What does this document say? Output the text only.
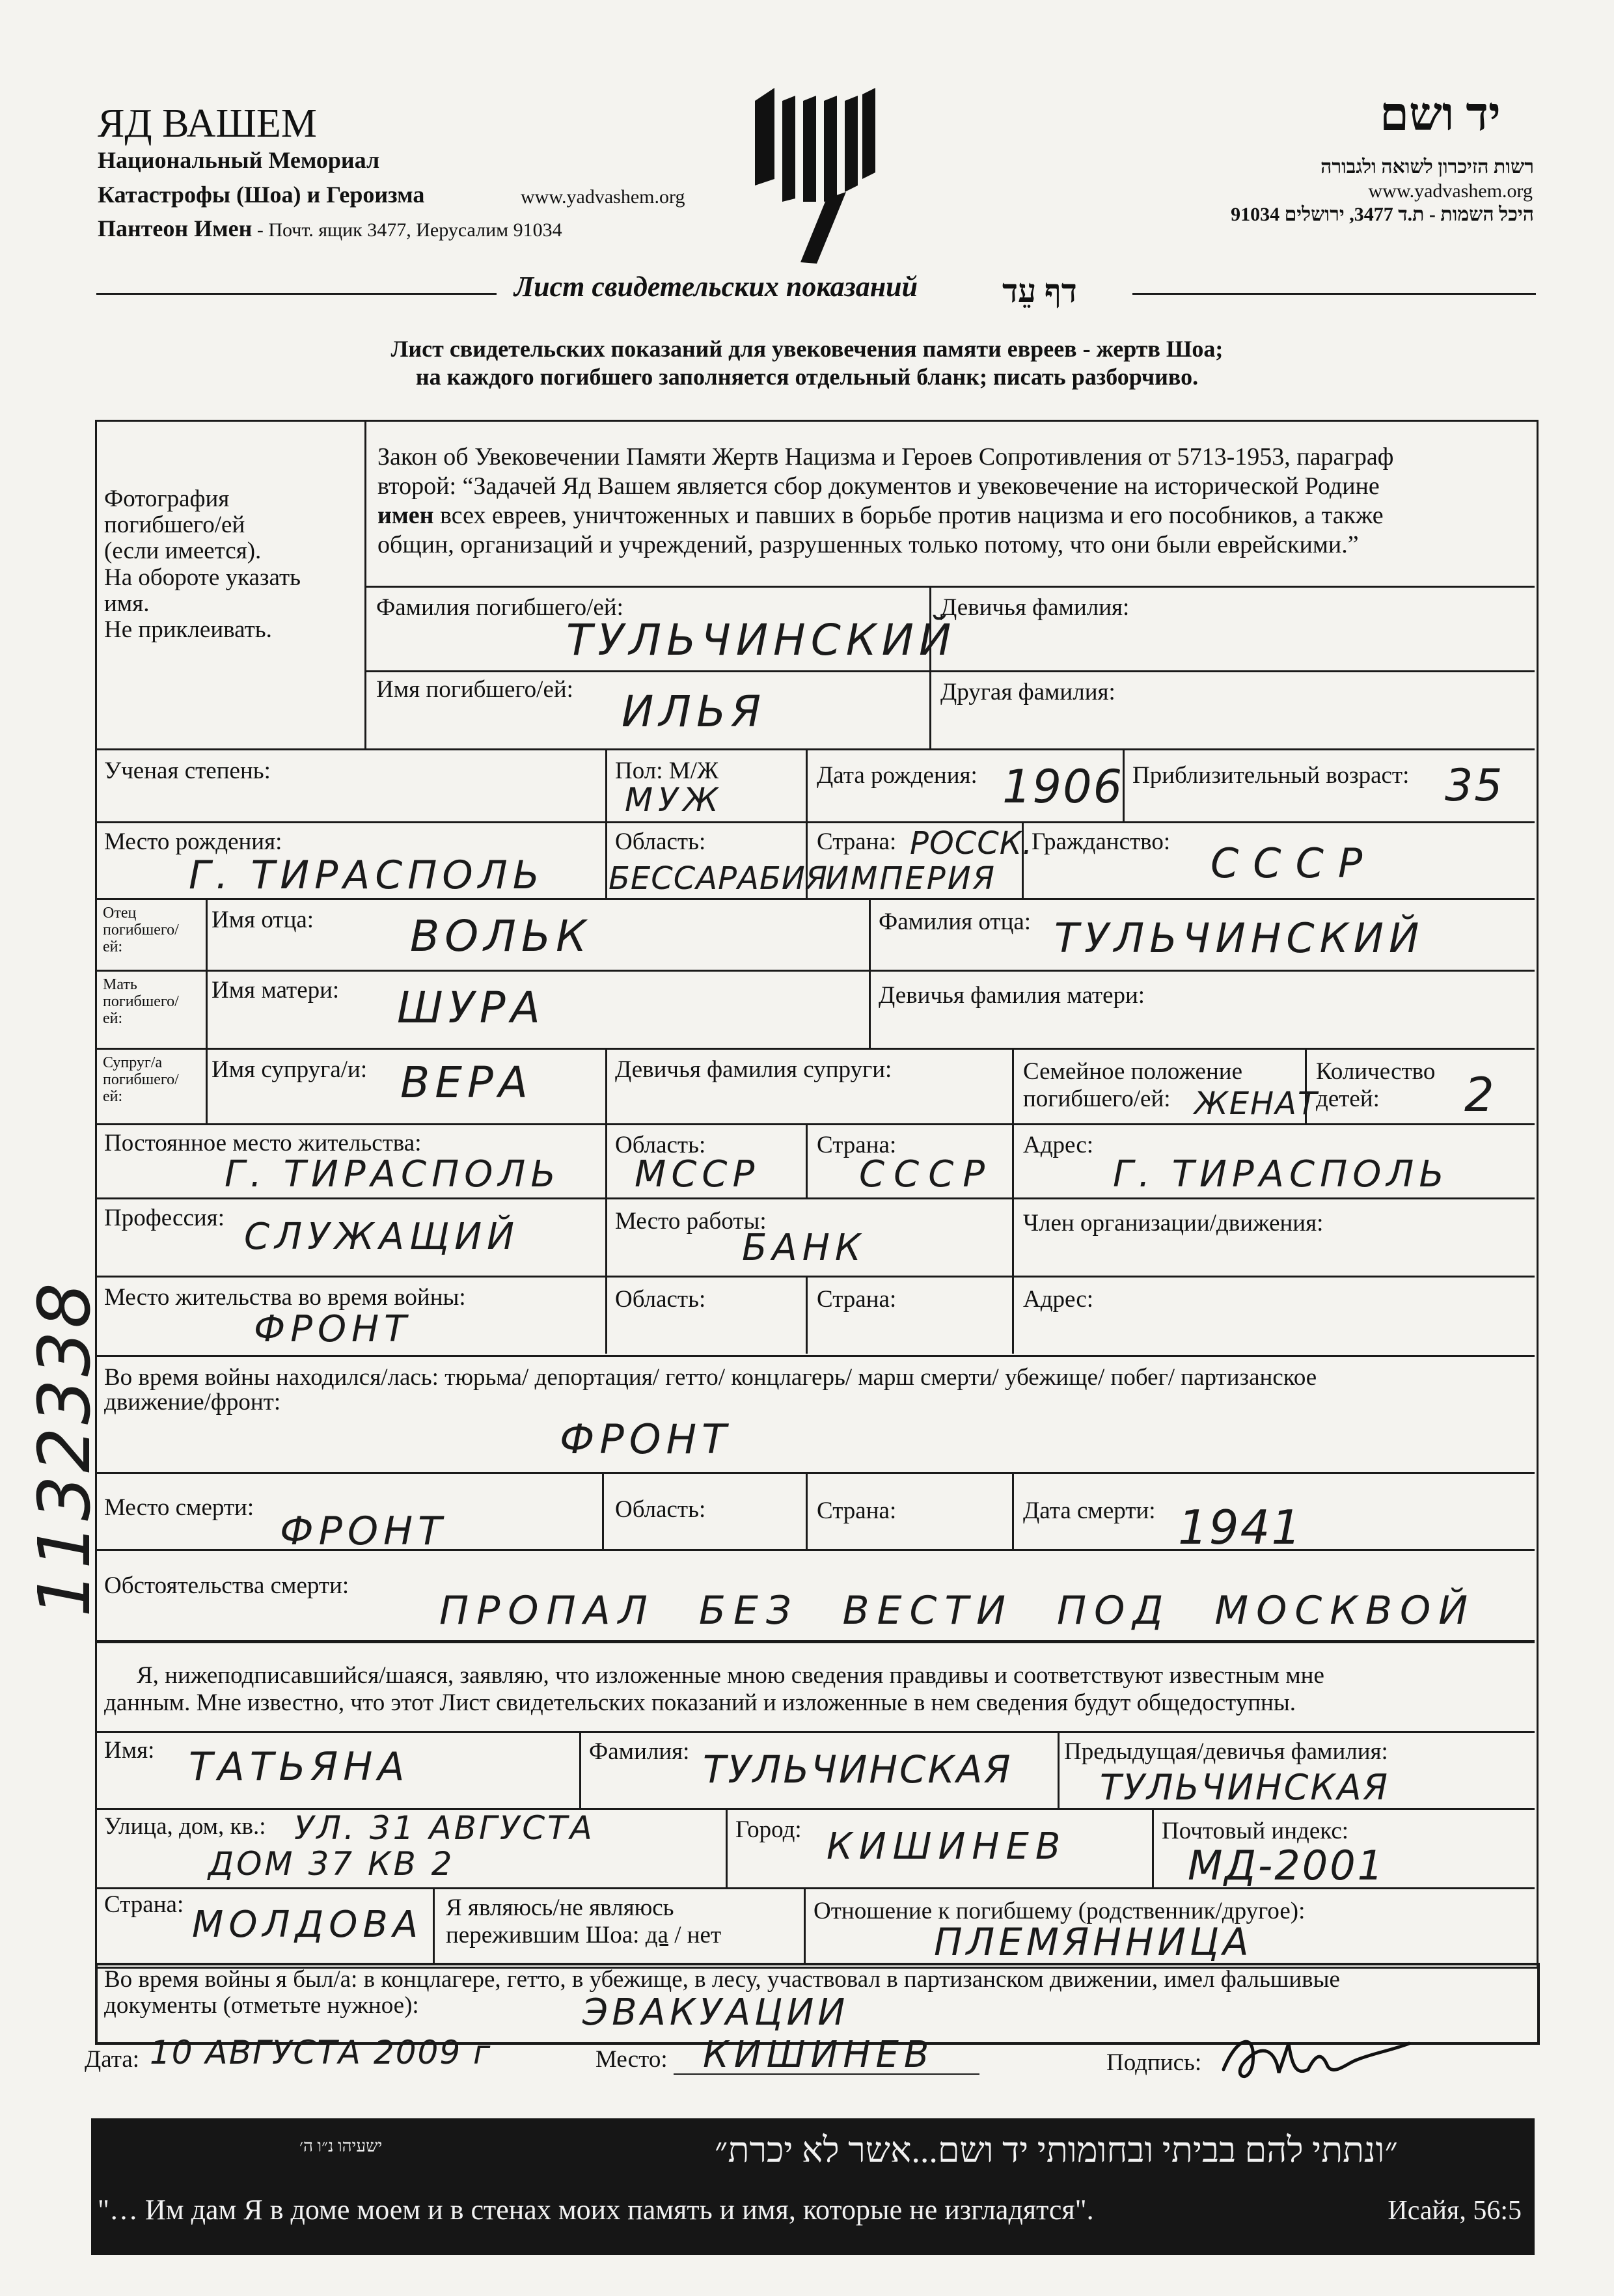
ЯД ВАШЕМ
Национальный Мемориал
Катастрофы (Шоа) и Героизма	www.yadvashem.org
Пантеон Имен - Почт. ящик 3477, Иерусалим 91034
יד ושם
רשות הזיכרון לשואה ולגבורה
www.yadvashem.org
היכל השמות - ת.ד 3477, ירושלים 91034
Лист свидетельских показаний	דף עֵד
Лист свидетельских показаний для увековечения памяти евреев - жертв Шоа;
на каждого погибшего заполняется отдельный бланк; писать разборчиво.
Закон об Увековечении Памяти Жертв Нацизма и Героев Сопротивления от 5713-1953, параграф
второй: “Задачей Яд Вашем является сбор документов и увековечение на исторической Родине
имен всех евреев, уничтоженных и павших в борьбе против нацизма и его пособников, а также
общин, организаций и учреждений, разрушенных только потому, что они были еврейскими.”
Фотография
погибшего/ей
(если имеется).
На обороте указать
имя.
Не приклеивать.
Фамилия погибшего/ей:
ТУЛЬЧИНСКИЙ
Девичья фамилия:
Имя погибшего/ей: ИЛЬЯ	Другая фамилия:
Ученая степень:	Пол: М/Ж
МУЖ
Дата рождения: 1906 Приблизительный возраст: 35
Место рождения:
Г. ТИРАСПОЛЬ
Область:
БЕССАРАБИЯ
Страна: РОССК.
ИМПЕРИЯ
Гражданство: СССР
Отец
погибшего/
ей:
Имя отца: ВОЛЬК	Фамилия отца: ТУЛЬЧИНСКИЙ
Мать
погибшего/
ей:
Имя матери: ШУРА	Девичья фамилия матери:
Супруг/а
погибшего/
ей:
Имя супруга/и: ВЕРА	Девичья фамилия супруги:	Семейное положение
погибшего/ей: ЖЕНАТ
Количество
детей: 2
Постоянное место жительства:
Г. ТИРАСПОЛЬ
Область:
МССР
Страна:
СССР
Адрес:
Г. ТИРАСПОЛЬ
Профессия: СЛУЖАЩИЙ	Место работы:
БАНК
Член организации/движения:
Место жительства во время войны:
ФРОНТ
Область:	Страна:	Адрес:
Во время войны находился/лась: тюрьма/ депортация/ гетто/ концлагерь/ марш смерти/ убежище/ побег/ партизанское
движение/фронт:
ФРОНТ
Место смерти:
ФРОНТ	Область:	Страна:	Дата смерти: 1941
Обстоятельства смерти:
ПРОПАЛ БЕЗ ВЕСТИ ПОД МОСКВОЙ
Я, нижеподписавшийся/шаяся, заявляю, что изложенные мною сведения правдивы и соответствуют известным мне
данным. Мне известно, что этот Лист свидетельских показаний и изложенные в нем сведения будут общедоступны.
Имя: ТАТЬЯНА	Фамилия: ТУЛЬЧИНСКАЯ Предыдущая/девичья фамилия:
ТУЛЬЧИНСКАЯ
Улица, дом, кв.: УЛ. 31 АВГУСТА
ДОМ 37 КВ 2
Город: КИШИНЕВ	Почтовый индекс:
МД-2001
Страна: МОЛДОВА Я являюсь/не являюсь
пережившим Шоа: да / нет
Отношение к погибшему (родственник/другое):
ПЛЕМЯННИЦА
Во время войны я был/а: в концлагере, гетто, в убежище, в лесу, участвовал в партизанском движении, имел фальшивые
документы (отметьте нужное):	ЭВАКУАЦИИ
Дата: 10 АВГУСТА 2009 г	Место: КИШИНЕВ	Подпись:
1132338
ישעיהו נ״ו ה׳	״ונתתי להם בביתי ובחומותי יד ושם...אשר לא יכרת״
"… Им дам Я в доме моем и в стенах моих память и имя, которые не изгладятся".	Исайя, 56:5
